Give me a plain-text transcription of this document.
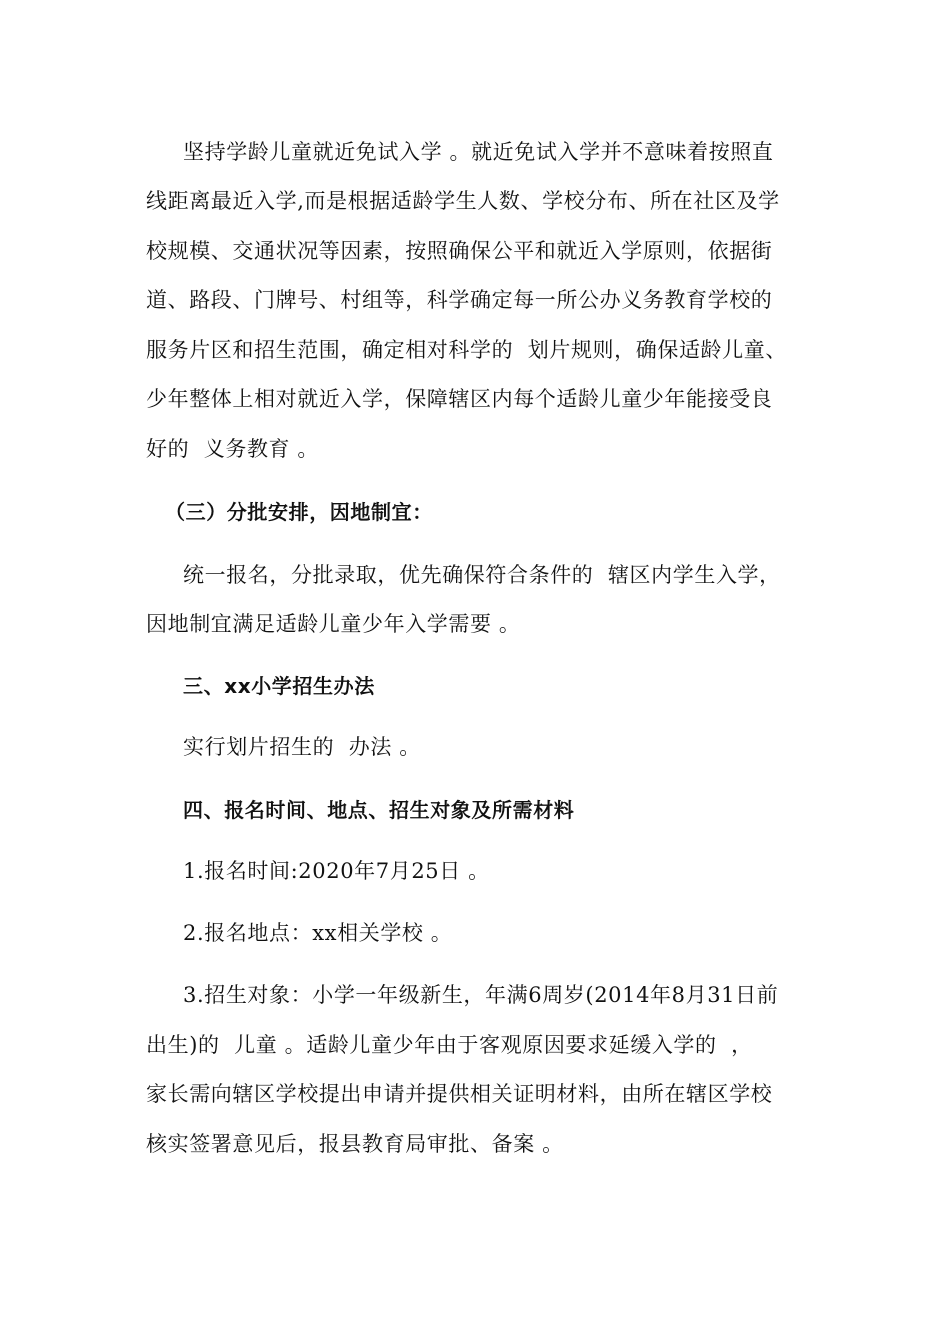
坚持学龄儿童就近免试入学 。就近免试入学并不意味着按照直
线距离最近入学,而是根据适龄学生人数、学校分布、所在社区及学
校规模、交通状况等因素，按照确保公平和就近入学原则，依据街
道、路段、门牌号、村组等，科学确定每一所公办义务教育学校的
服务片区和招生范围，确定相对科学的  划片规则，确保适龄儿童、
少年整体上相对就近入学，保障辖区内每个适龄儿童少年能接受良
好的  义务教育 。
（三）分批安排，因地制宜：
统一报名，分批录取，优先确保符合条件的  辖区内学生入学，
因地制宜满足适龄儿童少年入学需要 。
三、xx小学招生办法
实行划片招生的  办法 。
四、报名时间、地点、招生对象及所需材料
1.报名时间:2020年7月25日 。
2.报名地点：xx相关学校 。
3.招生对象：小学一年级新生，年满6周岁(2014年8月31日前
出生)的  儿童 。适龄儿童少年由于客观原因要求延缓入学的  ，
家长需向辖区学校提出申请并提供相关证明材料，由所在辖区学校
核实签署意见后，报县教育局审批、备案 。
